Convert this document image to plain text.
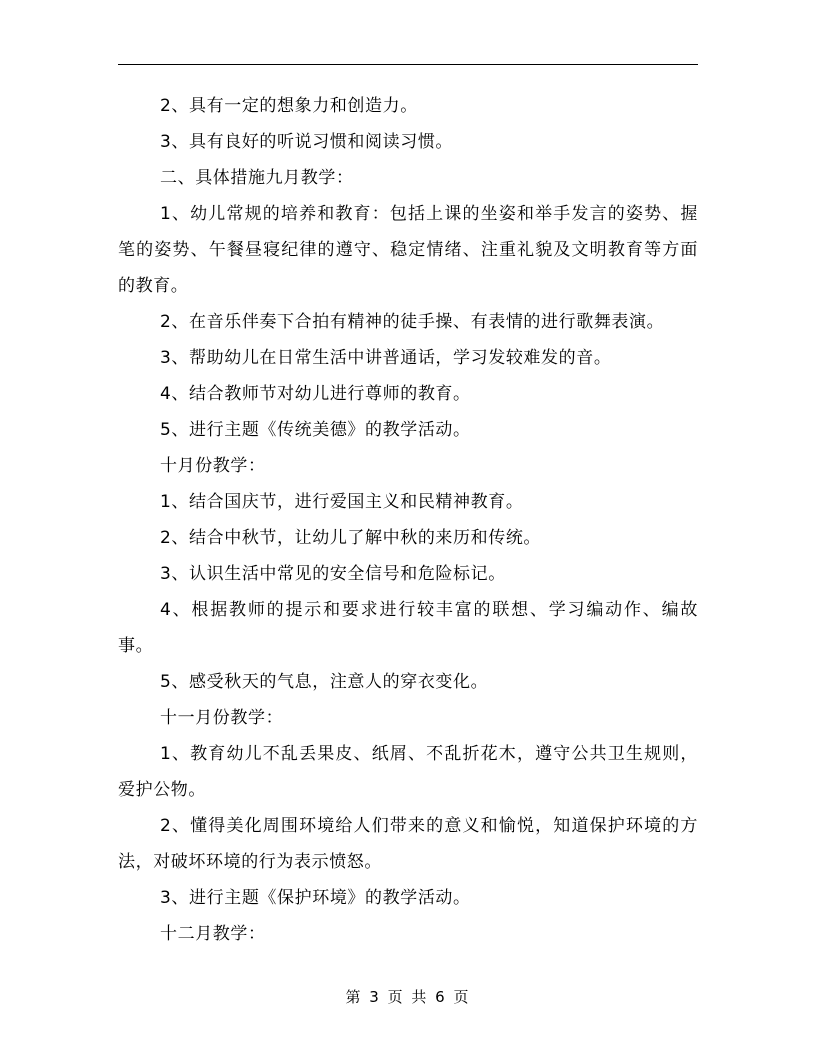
2、具有一定的想象力和创造力。

3、具有良好的听说习惯和阅读习惯。

二、具体措施九月教学：

1、幼儿常规的培养和教育：包括上课的坐姿和举手发言的姿势、握笔的姿势、午餐昼寝纪律的遵守、稳定情绪、注重礼貌及文明教育等方面的教育。

2、在音乐伴奏下合拍有精神的徒手操、有表情的进行歌舞表演。

3、帮助幼儿在日常生活中讲普通话，学习发较难发的音。

4、结合教师节对幼儿进行尊师的教育。

5、进行主题《传统美德》的教学活动。

十月份教学：

1、结合国庆节，进行爱国主义和民精神教育。

2、结合中秋节，让幼儿了解中秋的来历和传统。

3、认识生活中常见的安全信号和危险标记。

4、根据教师的提示和要求进行较丰富的联想、学习编动作、编故事。

5、感受秋天的气息，注意人的穿衣变化。

十一月份教学：

1、教育幼儿不乱丢果皮、纸屑、不乱折花木，遵守公共卫生规则，爱护公物。

2、懂得美化周围环境给人们带来的意义和愉悦，知道保护环境的方法，对破坏环境的行为表示愤怒。

3、进行主题《保护环境》的教学活动。

十二月教学：

第 3 页 共 6 页
